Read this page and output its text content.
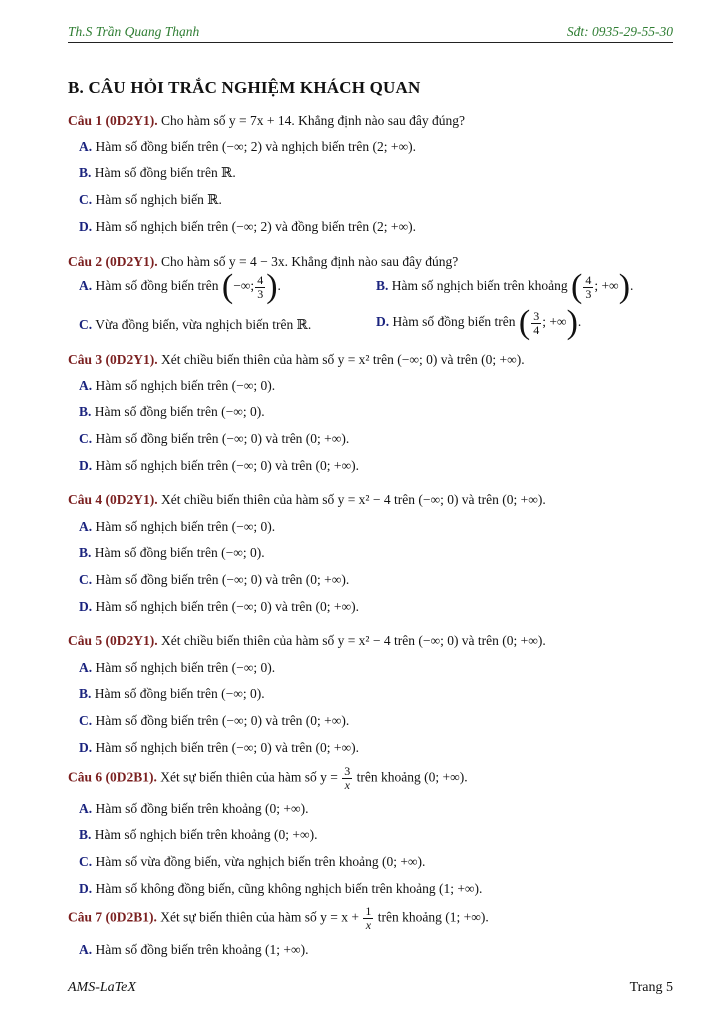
Th.S Trần Quang Thạnh	Sđt: 0935-29-55-30
B. CÂU HỎI TRẮC NGHIỆM KHÁCH QUAN
Câu 1 (0D2Y1). Cho hàm số y = 7x + 14. Khẳng định nào sau đây đúng?
A. Hàm số đồng biến trên (−∞; 2) và nghịch biến trên (2; +∞).
B. Hàm số đồng biến trên ℝ.
C. Hàm số nghịch biến ℝ.
D. Hàm số nghịch biến trên (−∞; 2) và đồng biến trên (2; +∞).
Câu 2 (0D2Y1). Cho hàm số y = 4 − 3x. Khẳng định nào sau đây đúng?
A. Hàm số đồng biến trên (−∞; $\frac{4}{3}$ ).	B. Hàm số nghịch biến trên khoảng ( $\frac{4}{3}$ ; +∞).
C. Vừa đồng biến, vừa nghịch biến trên ℝ.	D. Hàm số đồng biến trên ( $\frac{3}{4}$ ; +∞).
Câu 3 (0D2Y1). Xét chiều biến thiên của hàm số y = x² trên (−∞; 0) và trên (0; +∞).
A. Hàm số nghịch biến trên (−∞; 0).
B. Hàm số đồng biến trên (−∞; 0).
C. Hàm số đồng biến trên (−∞; 0) và trên (0; +∞).
D. Hàm số nghịch biến trên (−∞; 0) và trên (0; +∞).
Câu 4 (0D2Y1). Xét chiều biến thiên của hàm số y = x² − 4 trên (−∞; 0) và trên (0; +∞).
A. Hàm số nghịch biến trên (−∞; 0).
B. Hàm số đồng biến trên (−∞; 0).
C. Hàm số đồng biến trên (−∞; 0) và trên (0; +∞).
D. Hàm số nghịch biến trên (−∞; 0) và trên (0; +∞).
Câu 5 (0D2Y1). Xét chiều biến thiên của hàm số y = x² − 4 trên (−∞; 0) và trên (0; +∞).
A. Hàm số nghịch biến trên (−∞; 0).
B. Hàm số đồng biến trên (−∞; 0).
C. Hàm số đồng biến trên (−∞; 0) và trên (0; +∞).
D. Hàm số nghịch biến trên (−∞; 0) và trên (0; +∞).
Câu 6 (0D2B1). Xét sự biến thiên của hàm số $y = \frac{3}{x}$ trên khoảng (0; +∞).
A. Hàm số đồng biến trên khoảng (0; +∞).
B. Hàm số nghịch biến trên khoảng (0; +∞).
C. Hàm số vừa đồng biến, vừa nghịch biến trên khoảng (0; +∞).
D. Hàm số không đồng biến, cũng không nghịch biến trên khoảng (1; +∞).
Câu 7 (0D2B1). Xét sự biến thiên của hàm số $y = x + \frac{1}{x}$ trên khoảng (1; +∞).
A. Hàm số đồng biến trên khoảng (1; +∞).
AMS-LaTeX	Trang 5
